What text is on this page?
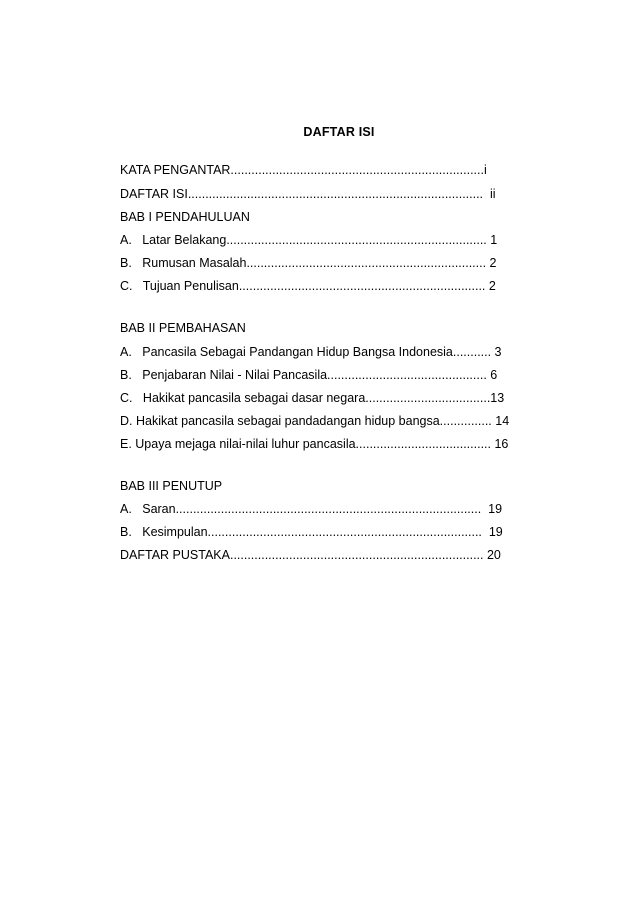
DAFTAR ISI
KATA PENGANTAR.........................................................................i
DAFTAR ISI.....................................................................................  ii
BAB I PENDAHULUAN
A.   Latar Belakang........................................................................... 1
B.   Rumusan Masalah..................................................................... 2
C.   Tujuan Penulisan....................................................................... 2
BAB II PEMBAHASAN
A.   Pancasila Sebagai Pandangan Hidup Bangsa Indonesia........... 3
B.   Penjabaran Nilai - Nilai Pancasila.............................................. 6
C.   Hakikat pancasila sebagai dasar negara....................................13
D. Hakikat pancasila sebagai pandadangan hidup bangsa............... 14
E. Upaya mejaga nilai-nilai luhur pancasila....................................... 16
BAB III PENUTUP
A.   Saran........................................................................................  19
B.   Kesimpulan...............................................................................  19
DAFTAR PUSTAKA......................................................................... 20
